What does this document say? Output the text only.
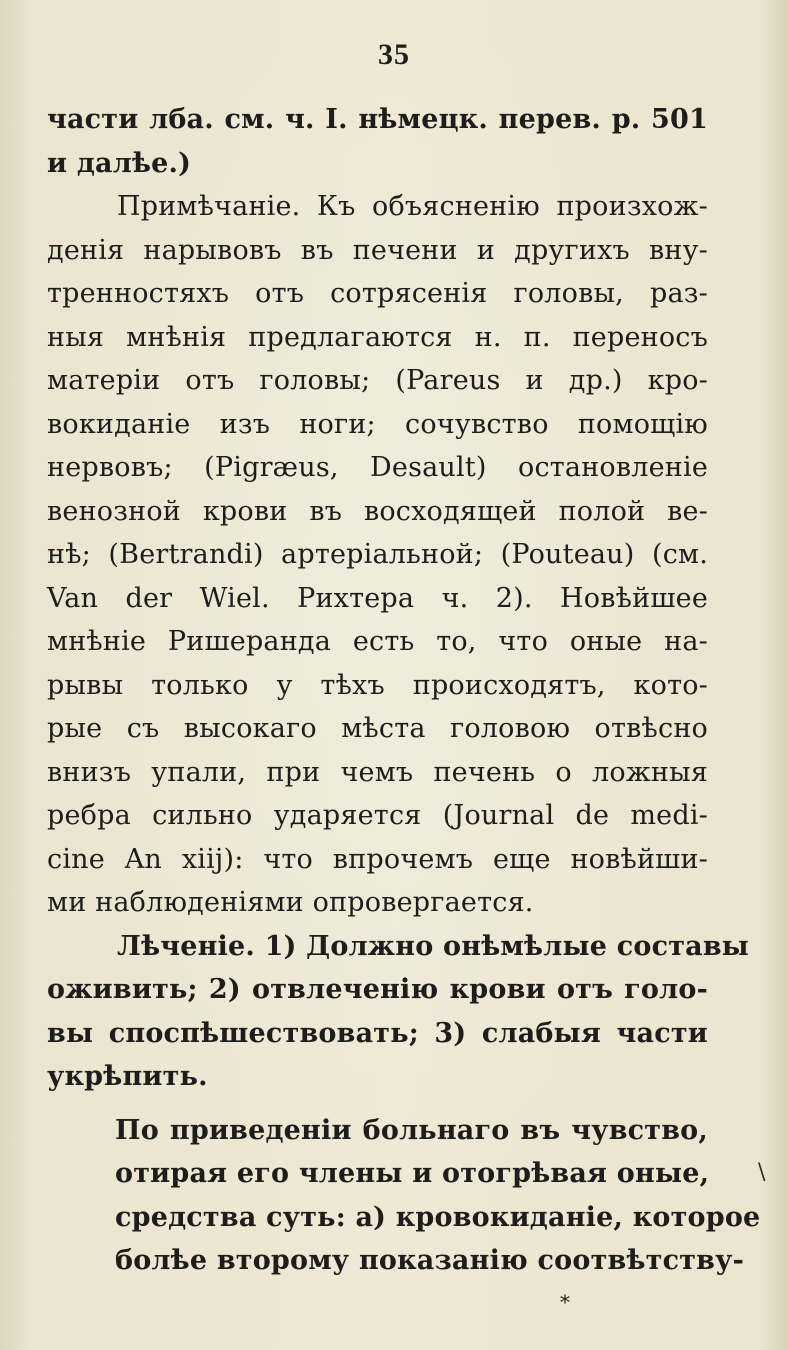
35
части лба. см. ч. I. нѣмецк. перев. р. 501
и далѣе.)
Примѣчаніе. Къ объясненію произхож-
денія нарывовъ въ печени и другихъ вну-
тренностяхъ отъ сотрясенія головы, раз-
ныя мнѣнія предлагаются н. п. переносъ
матеріи отъ головы; (Pareus и др.) кро-
вокиданіе изъ ноги; сочувство помощію
нервовъ; (Pigræus, Desault) остановленіе
венозной крови въ восходящей полой ве-
нѣ; (Bertrandi) артеріальной; (Pouteau) (см.
Van der Wiel. Рихтера ч. 2). Новѣйшее
мнѣніе Ришеранда есть то, что оные на-
рывы только у тѣхъ происходятъ, кото-
рые съ высокаго мѣста головою отвѣсно
внизъ упали, при чемъ печень о ложныя
ребра сильно ударяется (Journal de medi-
cine An xiij): что впрочемъ еще новѣйши-
ми наблюденіями опровергается.
Лѣченіе. 1) Должно онѣмѣлые составы
оживить; 2) отвлеченію крови отъ голо-
вы споспѣшествовать; 3) слабыя части
укрѣпить.
По приведеніи больнаго въ чувство,
отирая его члены и отогрѣвая оные,
средства суть: а) кровокиданіе, которое
болѣе второму показанію соотвѣтству-
*
\
